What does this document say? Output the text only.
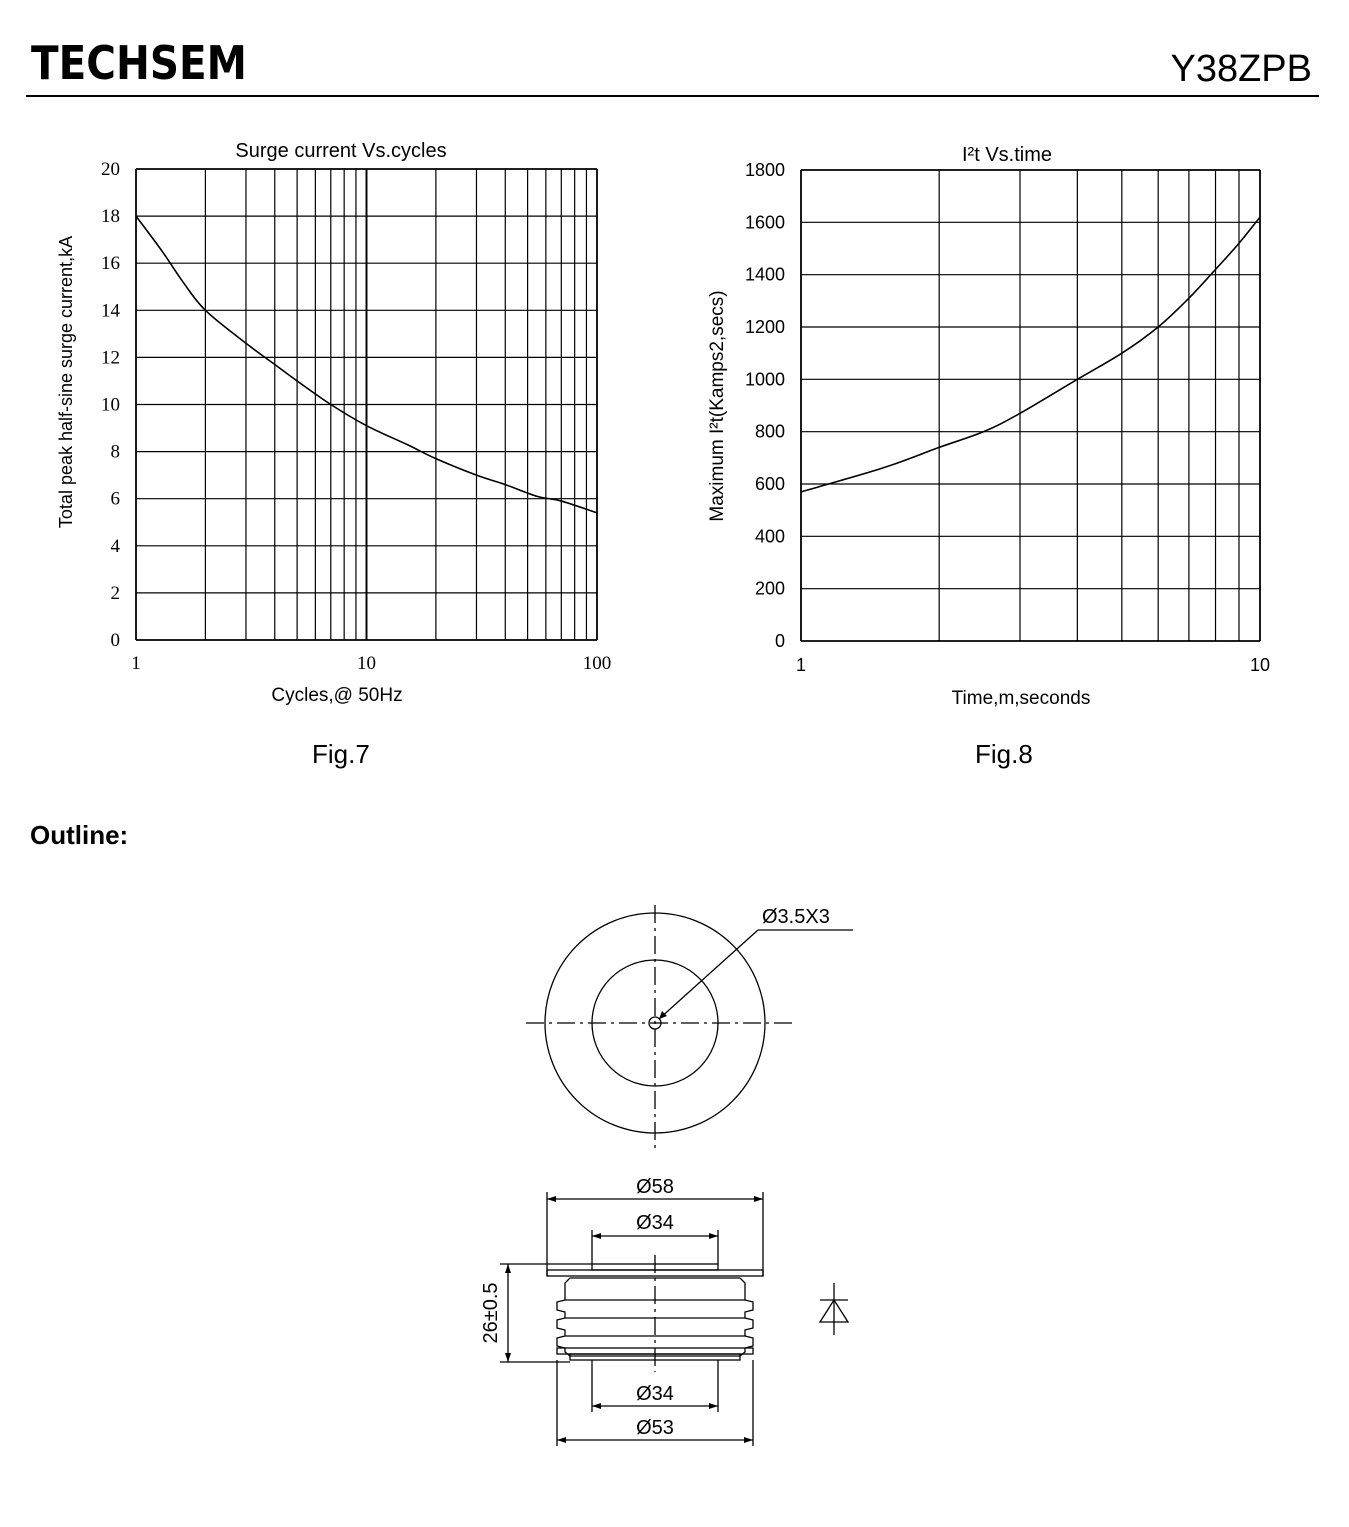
TECHSEM	Y38ZPB
Surge current Vs.cycles
0
2
4
6
8
10
12
14
16
18
20
1	10	100
Cycles,@ 50Hz
Total peak half-sine surge current,kA
Fig.7
I²t Vs.time
0
200
400
600
800
1000
1200
1400
1600
1800
1	10
Time,m,seconds
Maximum I²t(Kamps2,secs)
Fig.8
Outline:
Ø3.5X3
Ø58
Ø34
Ø34
Ø53
26±0.5
